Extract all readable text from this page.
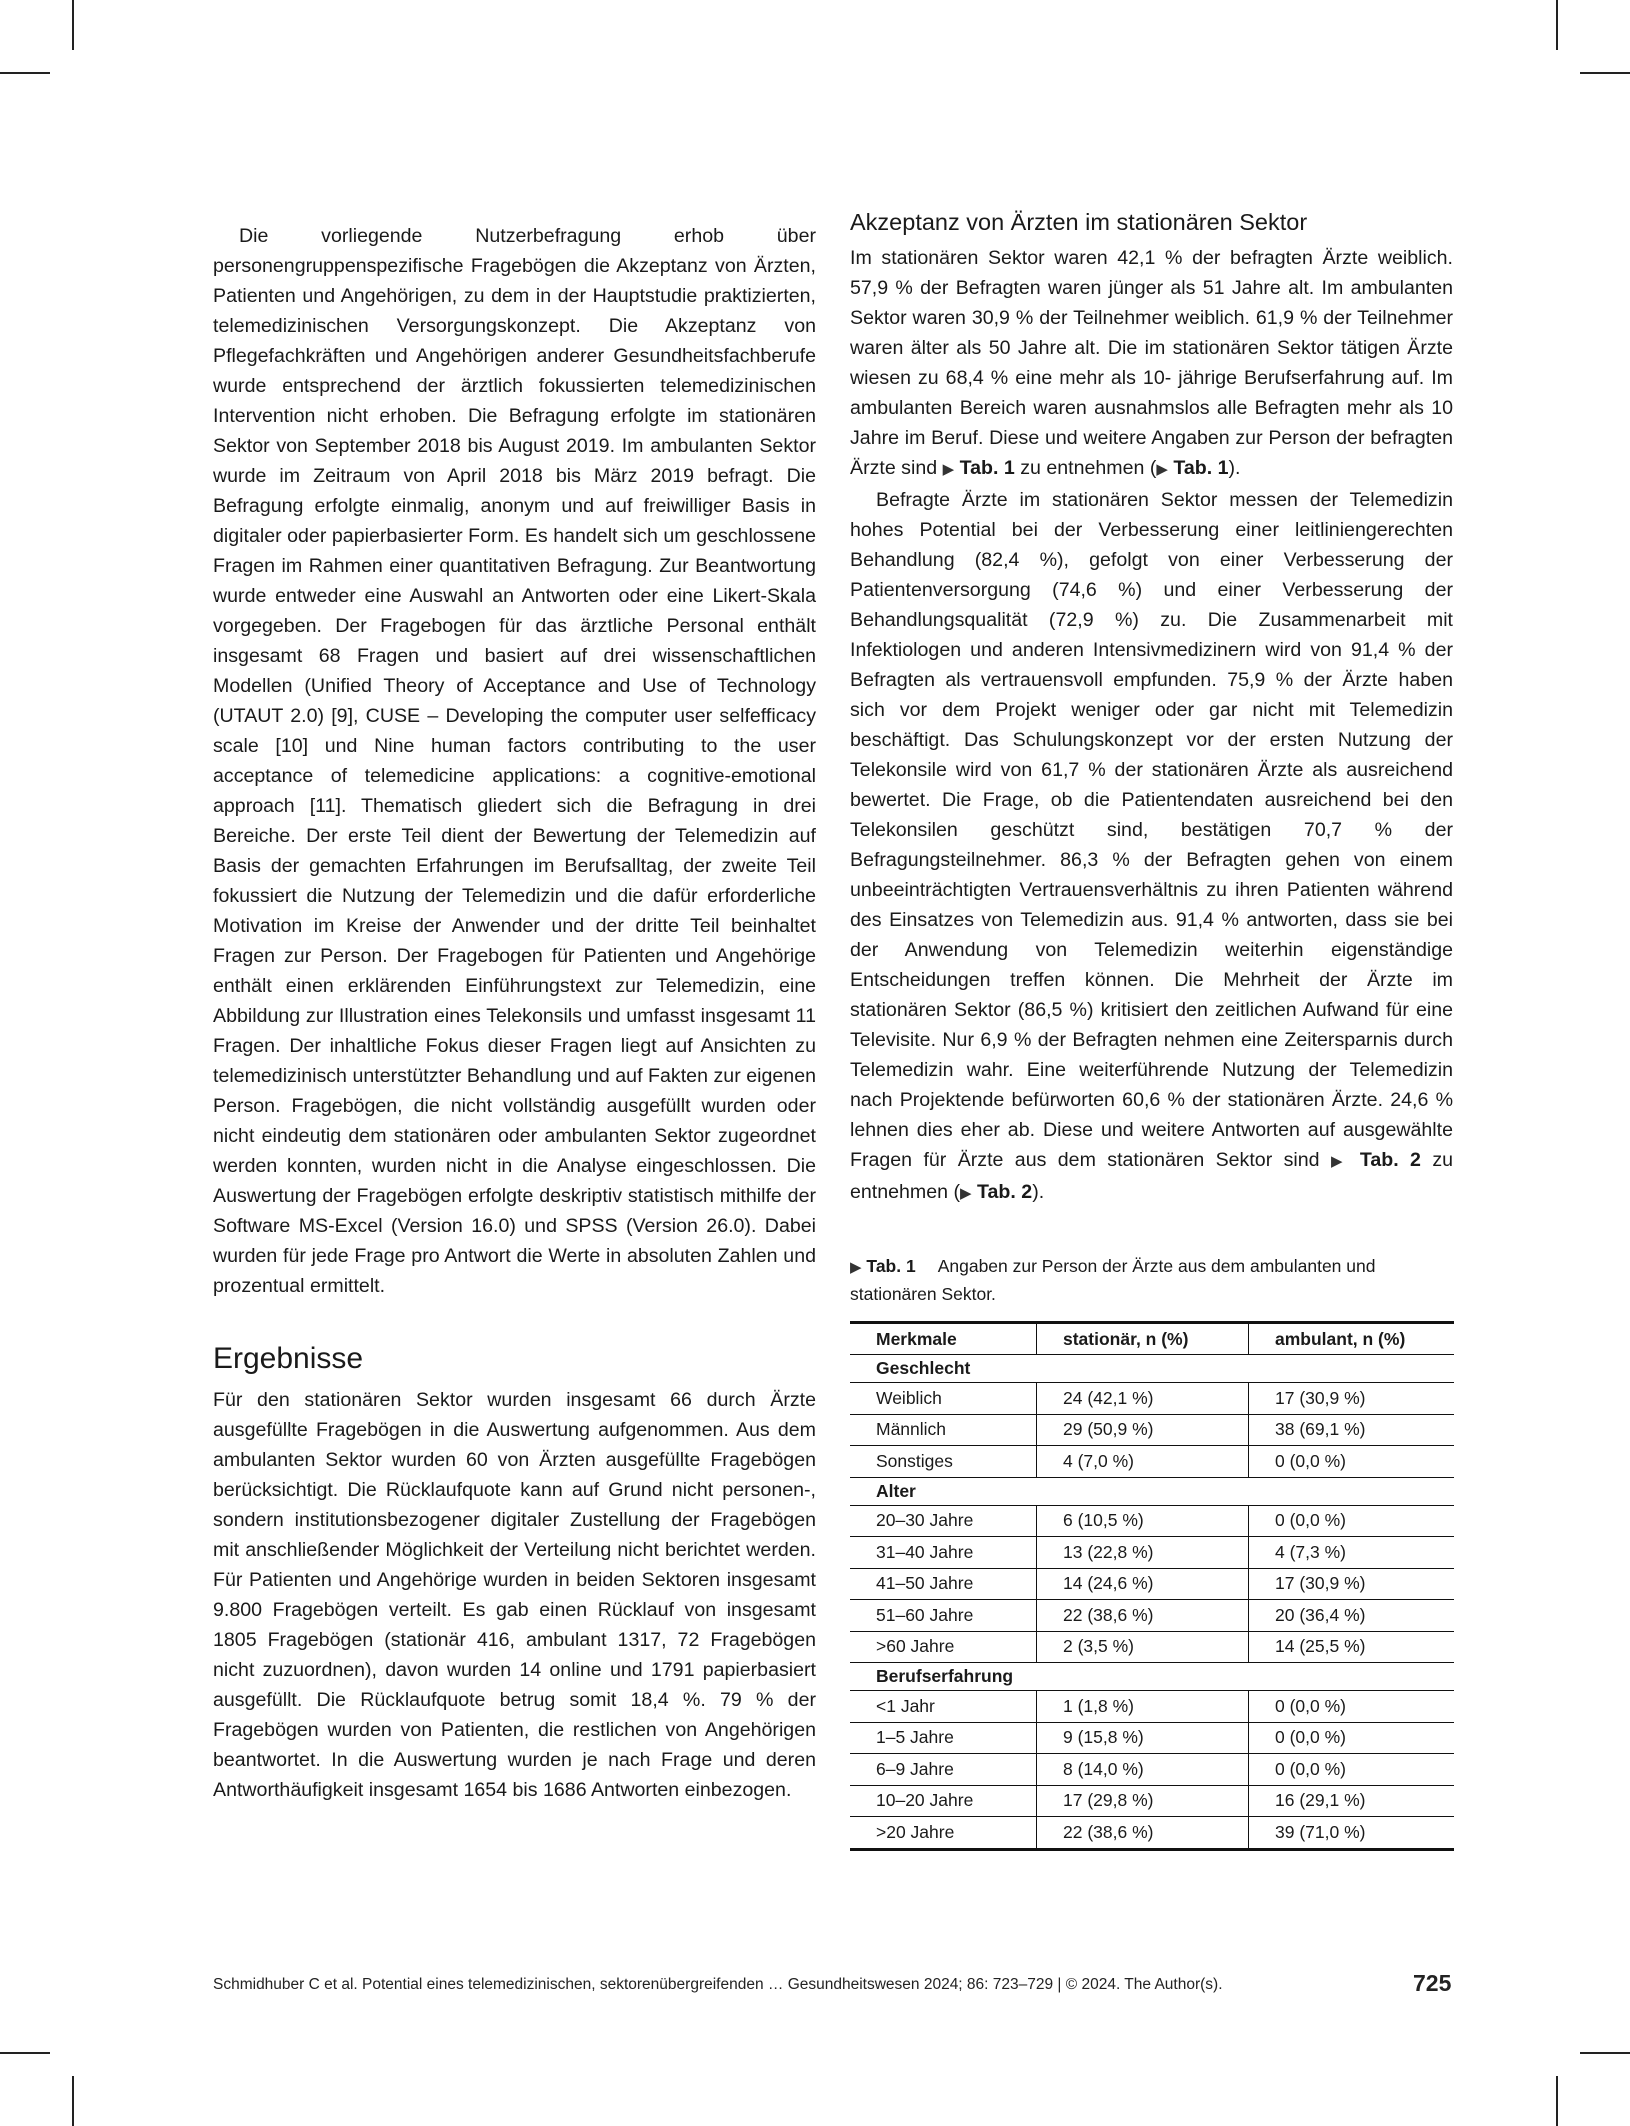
Die vorliegende Nutzerbefragung erhob über personengruppenspezifische Fragebögen die Akzeptanz von Ärzten, Patienten und Angehörigen, zu dem in der Hauptstudie praktizierten, telemedizinischen Versorgungskonzept. Die Akzeptanz von Pflegefachkräften und Angehörigen anderer Gesundheitsfachberufe wurde entsprechend der ärztlich fokussierten telemedizinischen Intervention nicht erhoben. Die Befragung erfolgte im stationären Sektor von September 2018 bis August 2019. Im ambulanten Sektor wurde im Zeitraum von April 2018 bis März 2019 befragt. Die Befragung erfolgte einmalig, anonym und auf freiwilliger Basis in digitaler oder papierbasierter Form. Es handelt sich um geschlossene Fragen im Rahmen einer quantitativen Befragung. Zur Beantwortung wurde entweder eine Auswahl an Antworten oder eine Likert-Skala vorgegeben. Der Fragebogen für das ärztliche Personal enthält insgesamt 68 Fragen und basiert auf drei wissenschaftlichen Modellen (Unified Theory of Acceptance and Use of Technology (UTAUT 2.0) [9], CUSE – Developing the computer user selfefficacy scale [10] und Nine human factors contributing to the user acceptance of telemedicine applications: a cognitive-emotional approach [11]. Thematisch gliedert sich die Befragung in drei Bereiche. Der erste Teil dient der Bewertung der Telemedizin auf Basis der gemachten Erfahrungen im Berufsalltag, der zweite Teil fokussiert die Nutzung der Telemedizin und die dafür erforderliche Motivation im Kreise der Anwender und der dritte Teil beinhaltet Fragen zur Person. Der Fragebogen für Patienten und Angehörige enthält einen erklärenden Einführungstext zur Telemedizin, eine Abbildung zur Illustration eines Telekonsils und umfasst insgesamt 11 Fragen. Der inhaltliche Fokus dieser Fragen liegt auf Ansichten zu telemedizinisch unterstützter Behandlung und auf Fakten zur eigenen Person. Fragebögen, die nicht vollständig ausgefüllt wurden oder nicht eindeutig dem stationären oder ambulanten Sektor zugeordnet werden konnten, wurden nicht in die Analyse eingeschlossen. Die Auswertung der Fragebögen erfolgte deskriptiv statistisch mithilfe der Software MS-Excel (Version 16.0) und SPSS (Version 26.0). Dabei wurden für jede Frage pro Antwort die Werte in absoluten Zahlen und prozentual ermittelt.

Ergebnisse

Für den stationären Sektor wurden insgesamt 66 durch Ärzte ausgefüllte Fragebögen in die Auswertung aufgenommen. Aus dem ambulanten Sektor wurden 60 von Ärzten ausgefüllte Fragebögen berücksichtigt. Die Rücklaufquote kann auf Grund nicht personen-, sondern institutionsbezogener digitaler Zustellung der Fragebögen mit anschließender Möglichkeit der Verteilung nicht berichtet werden. Für Patienten und Angehörige wurden in beiden Sektoren insgesamt 9.800 Fragebögen verteilt. Es gab einen Rücklauf von insgesamt 1805 Fragebögen (stationär 416, ambulant 1317, 72 Fragebögen nicht zuzuordnen), davon wurden 14 online und 1791 papierbasiert ausgefüllt. Die Rücklaufquote betrug somit 18,4 %. 79 % der Fragebögen wurden von Patienten, die restlichen von Angehörigen beantwortet. In die Auswertung wurden je nach Frage und deren Antworthäufigkeit insgesamt 1654 bis 1686 Antworten einbezogen.

Akzeptanz von Ärzten im stationären Sektor

Im stationären Sektor waren 42,1 % der befragten Ärzte weiblich. 57,9 % der Befragten waren jünger als 51 Jahre alt. Im ambulanten Sektor waren 30,9 % der Teilnehmer weiblich. 61,9 % der Teilnehmer waren älter als 50 Jahre alt. Die im stationären Sektor tätigen Ärzte wiesen zu 68,4 % eine mehr als 10- jährige Berufserfahrung auf. Im ambulanten Bereich waren ausnahmslos alle Befragten mehr als 10 Jahre im Beruf. Diese und weitere Angaben zur Person der befragten Ärzte sind ▶ Tab. 1 zu entnehmen (▶ Tab. 1).

Befragte Ärzte im stationären Sektor messen der Telemedizin hohes Potential bei der Verbesserung einer leitliniengerechten Behandlung (82,4 %), gefolgt von einer Verbesserung der Patientenversorgung (74,6 %) und einer Verbesserung der Behandlungsqualität (72,9 %) zu. Die Zusammenarbeit mit Infektiologen und anderen Intensivmedizinern wird von 91,4 % der Befragten als vertrauensvoll empfunden. 75,9 % der Ärzte haben sich vor dem Projekt weniger oder gar nicht mit Telemedizin beschäftigt. Das Schulungskonzept vor der ersten Nutzung der Telekonsile wird von 61,7 % der stationären Ärzte als ausreichend bewertet. Die Frage, ob die Patientendaten ausreichend bei den Telekonsilen geschützt sind, bestätigen 70,7 % der Befragungsteilnehmer. 86,3 % der Befragten gehen von einem unbeeinträchtigten Vertrauensverhältnis zu ihren Patienten während des Einsatzes von Telemedizin aus. 91,4 % antworten, dass sie bei der Anwendung von Telemedizin weiterhin eigenständige Entscheidungen treffen können. Die Mehrheit der Ärzte im stationären Sektor (86,5 %) kritisiert den zeitlichen Aufwand für eine Televisite. Nur 6,9 % der Befragten nehmen eine Zeitersparnis durch Telemedizin wahr. Eine weiterführende Nutzung der Telemedizin nach Projektende befürworten 60,6 % der stationären Ärzte. 24,6 % lehnen dies eher ab. Diese und weitere Antworten auf ausgewählte Fragen für Ärzte aus dem stationären Sektor sind ▶ Tab. 2 zu entnehmen (▶ Tab. 2).

▶ Tab. 1 Angaben zur Person der Ärzte aus dem ambulanten und stationären Sektor.
Merkmale	stationär, n (%)	ambulant, n (%)
Geschlecht		
Weiblich	24 (42,1 %)	17 (30,9 %)
Männlich	29 (50,9 %)	38 (69,1 %)
Sonstiges	4 (7,0 %)	0 (0,0 %)
Alter		
20–30 Jahre	6 (10,5 %)	0 (0,0 %)
31–40 Jahre	13 (22,8 %)	4 (7,3 %)
41–50 Jahre	14 (24,6 %)	17 (30,9 %)
51–60 Jahre	22 (38,6 %)	20 (36,4 %)
>60 Jahre	2 (3,5 %)	14 (25,5 %)
Berufserfahrung		
<1 Jahr	1 (1,8 %)	0 (0,0 %)
1–5 Jahre	9 (15,8 %)	0 (0,0 %)
6–9 Jahre	8 (14,0 %)	0 (0,0 %)
10–20 Jahre	17 (29,8 %)	16 (29,1 %)
>20 Jahre	22 (38,6 %)	39 (71,0 %)
Schmidhuber C et al. Potential eines telemedizinischen, sektorenübergreifenden … Gesundheitswesen 2024; 86: 723–729 | © 2024. The Author(s).	725
